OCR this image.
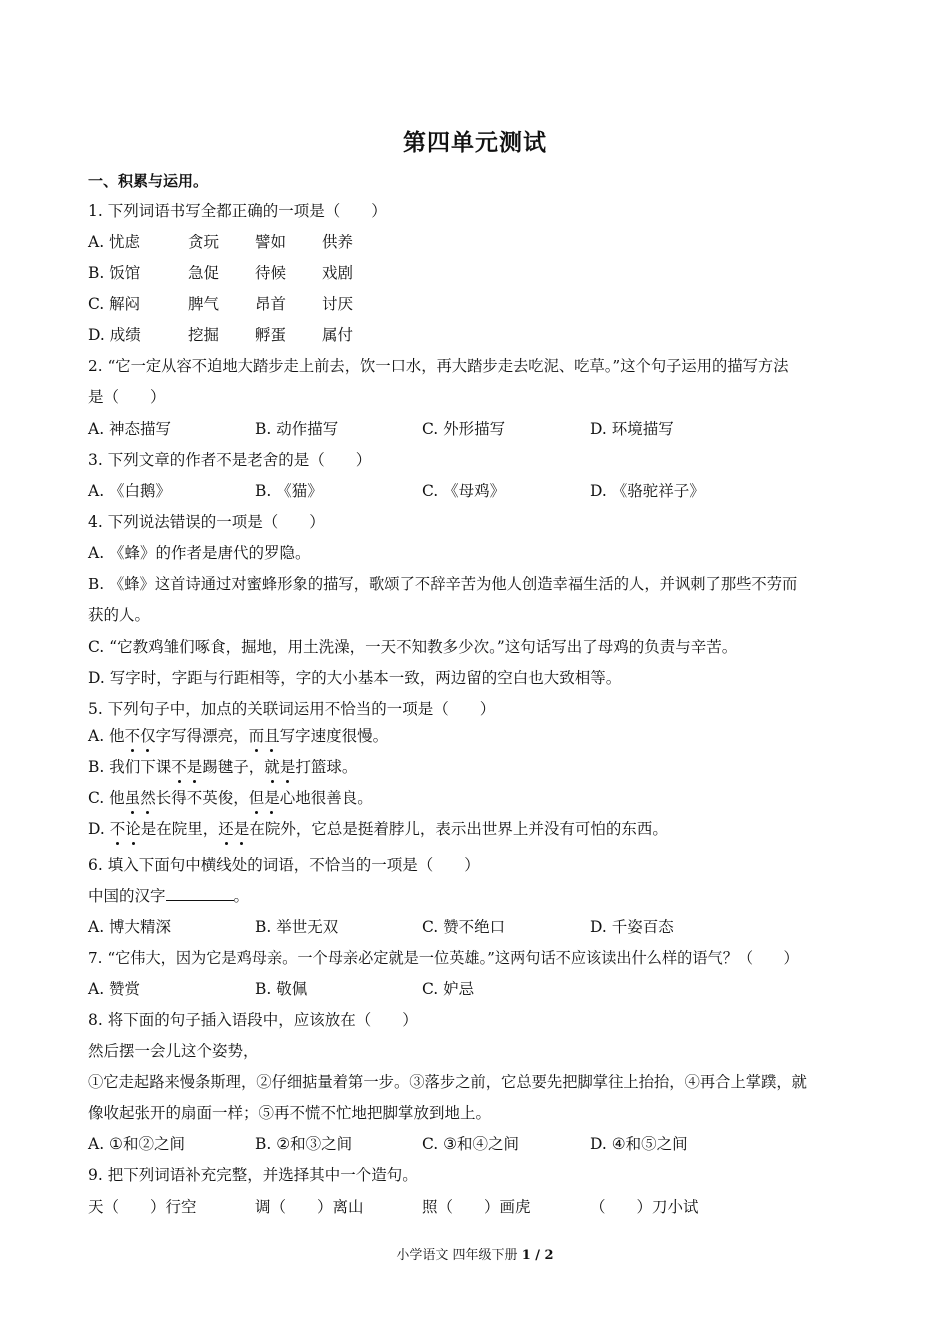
第四单元测试
一、积累与运用。
1. 下列词语书写全都正确的一项是（　　）
A. 忧虑	贪玩 譬如 供养
B. 饭馆	急促 待候 戏剧
C. 解闷	脾气 昂首 讨厌
D. 成绩	挖掘 孵蛋 属付
2. “它一定从容不迫地大踏步走上前去，饮一口水，再大踏步走去吃泥、吃草。”这个句子运用的描写方法
是（　　）
A. 神态描写	B. 动作描写	C. 外形描写	D. 环境描写
3. 下列文章的作者不是老舍的是（　　）
A. 《白鹅》	B. 《猫》	C. 《母鸡》	D. 《骆驼祥子》
4. 下列说法错误的一项是（　　）
A. 《蜂》的作者是唐代的罗隐。
B. 《蜂》这首诗通过对蜜蜂形象的描写，歌颂了不辞辛苦为他人创造幸福生活的人，并讽刺了那些不劳而
获的人。
C. “它教鸡雏们啄食，掘地，用土洗澡，一天不知教多少次。”这句话写出了母鸡的负责与辛苦。
D. 写字时，字距与行距相等，字的大小基本一致，两边留的空白也大致相等。
5. 下列句子中，加点的关联词运用不恰当的一项是（　　）
A. 他不仅字写得漂亮，而且写字速度很慢。
B. 我们下课不是踢毽子，就是打篮球。
C. 他虽然长得不英俊，但是心地很善良。
D. 不论是在院里，还是在院外，它总是挺着脖儿，表示出世界上并没有可怕的东西。
6. 填入下面句中横线处的词语，不恰当的一项是（　　）
中国的汉字	。
A. 博大精深	B. 举世无双	C. 赞不绝口	D. 千姿百态
7. “它伟大，因为它是鸡母亲。一个母亲必定就是一位英雄。”这两句话不应该读出什么样的语气？（　　）
A. 赞赏	B. 敬佩	C. 妒忌
8. 将下面的句子插入语段中，应该放在（　　）
然后摆一会儿这个姿势，
①它走起路来慢条斯理，②仔细掂量着第一步。③落步之前，它总要先把脚掌往上抬抬，④再合上掌蹼，就
像收起张开的扇面一样；⑤再不慌不忙地把脚掌放到地上。
A. ①和②之间	B. ②和③之间	C. ③和④之间	D. ④和⑤之间
9. 把下列词语补充完整，并选择其中一个造句。
天（　　）行空	调（　　）离山	照（　　）画虎	（　　）刀小试
小学语文 四年级下册 1 / 2
